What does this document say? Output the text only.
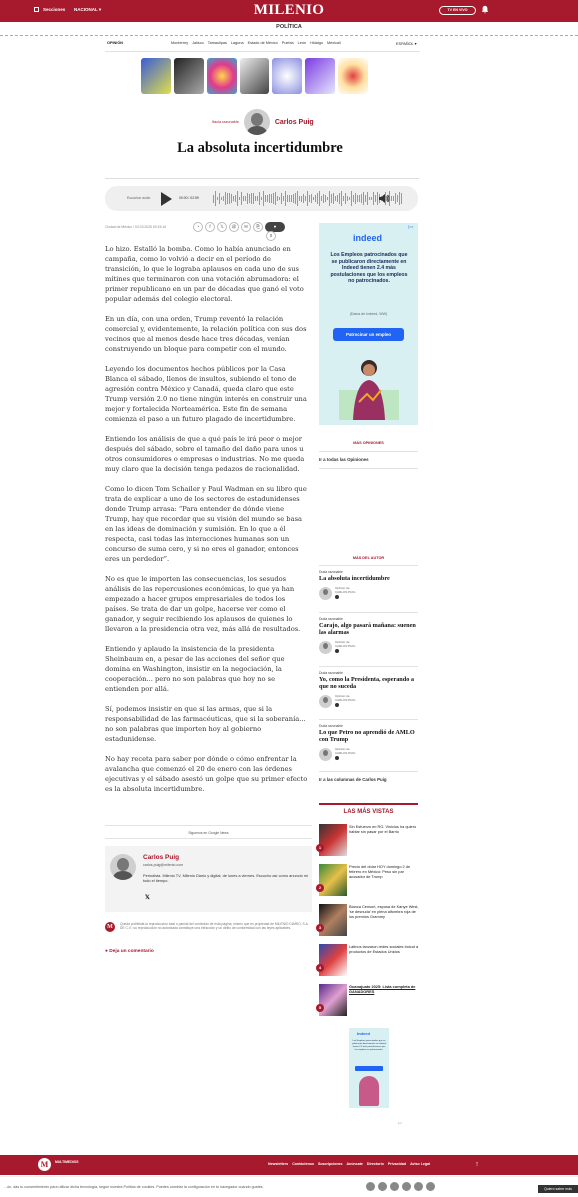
Secciones NACIONAL ▾	MILENIO	TV EN VIVO
POLÍTICA
OPINIÓN	Monterrey Jalisco Tamaulipas Laguna Estado de México Puebla León Hidalgo Mexicali	ESPAÑOL ▾
Itacla razonable	Carlos Puig
La absoluta incertidumbre
Escuchar audio	00:00 / 02:59
Ciudad de México / 03.03.2025 00:15:16	◔	f	𝕏	@	✉	⎘	●
0

Lo hizo. Estalló la bomba. Como lo había anunciado en campaña, como lo volvió a decir en el período de transición, lo que le lograba aplausos en cada uno de sus mítines que terminaron con una votación abrumadora: el primer republicano en un par de décadas que ganó el voto popular además del colegio electoral.

En un día, con una orden, Trump reventó la relación comercial y, evidentemente, la relación política con sus dos vecinos que al menos desde hace tres décadas, venían construyendo un bloque para competir con el mundo.

Leyendo los documentos hechos públicos por la Casa Blanca el sábado, llenos de insultos, subiendo el tono de agresión contra México y Canadá, queda claro que este Trump versión 2.0 no tiene ningún interés en construir una mejor y fortalecida Norteamérica. Este fin de semana comienza el paso a un futuro plagado de incertidumbre.

Entiendo los análisis de que a qué país le irá peor o mejor después del sábado, sobre el tamaño del daño para unos u otros consumidores o empresas o industrias. No me queda muy claro que la decisión tenga pedazos de racionalidad.

Como lo dicen Tom Schailer y Paul Wadman en su libro que trata de explicar a uno de los sectores de estadunidenses donde Trump arrasa: “Para entender de dónde viene Trump, hay que recordar que su visión del mundo se basa en las ideas de dominación y sumisión. En lo que a él respecta, casi todas las interacciones humanas son un concurso de suma cero, y si no eres el ganador, entonces eres un perdedor”.

No es que le importen las consecuencias, los sesudos análisis de las repercusiones económicas, lo que ya han empezado a hacer grupos empresariales de todos los países. Se trata de dar un golpe, hacerse ver como el ganador, y seguir recibiendo los aplausos de quienes lo llevaron a la presidencia otra vez, más allá de resultados.

Entiendo y aplaudo la insistencia de la presidenta Sheinbaum en, a pesar de las acciones del señor que domina en Washington, insistir en la negociación, la cooperación... pero no son palabras que hoy no se entienden por allá.

Sí, podemos insistir en que si las armas, que si la responsabilidad de las farmacéuticas, que si la soberanía... no son palabras que importen hoy al gobierno estadunidense.

No hay receta para saber por dónde o cómo enfrentar la avalancha que comenzó el 20 de enero con las órdenes ejecutivas y el sábado asestó un golpe que su primer efecto es la absoluta incertidumbre.

indeed
Los Empleos patrocinados que se publicaron directamente en Indeed tienen 2.4 más postulaciones que los empleos no patrocinados.
(Datos de Indeed, WW)
Patrocinar un empleo
▷×
MÁS OPINIONES
Ir a todas las Opiniones
MÁS DEL AUTOR
Duda razonable
La absoluta incertidumbre
Opinión de
CARLOS PUIG
Duda razonable
Carajo, algo pasará mañana: suenen las alarmas
Opinión de
CARLOS PUIG
Duda razonable
Yo, como la Presidenta, esperando a que no suceda
Opinión de
CARLOS PUIG
Duda razonable
Lo que Petro no aprendió de AMLO con Trump
Opinión de
CARLOS PUIG
Ir a las columnas de Carlos Puig
LAS MÁS VISTAS
1
Sin Esfuerzo en RG. Vinicius ha quiero hablar sin pasar por el Barrio
2
Precio del dólar HOY domingo 2 de febrero en México: Peso sin par acosador de Trump
3
Bianca Censori, esposa de Kanye West, 'se desnuda' en plena alfombra roja de los premios Grammy
4
Latinos lanzaron redes sociales boicot a productos de Estados Unidos
5
Guanajuato 2025: Lista completa de GANADORES
Indeed
Los Empleos patrocinados que se publicaron directamente en Indeed tienen 2.4 más postulaciones que los empleos no patrocinados.
▷×
Siguenos en Google News
Carlos Puig
carlos.puig@milenio.com
Periodista. Milenio TV, Milenio Diario y digital, de lunes a viernes. Escucho así como anuncio mi todo el tiempo.
𝕏
M	Queda prohibida la reproducción total o parcial del contenido de esta página, mismo que es propiedad de MILENIO DIARIO, S.A. DE C.V.; su reproducción no autorizada constituye una infracción y un delito de conformidad con las leyes aplicables.
● Deja un comentario
M	MULTIMEDIOS	Newsletters Contáctenos Suscripciones Anúncate Directorio Privacidad Aviso Legal	↑
...ón, das tu consentimiento para utilizar dicha tecnología, según nuestra Política de cookies. Puedes cambiar la configuración en tu navegador cuando gustes.	Quiero saber más
